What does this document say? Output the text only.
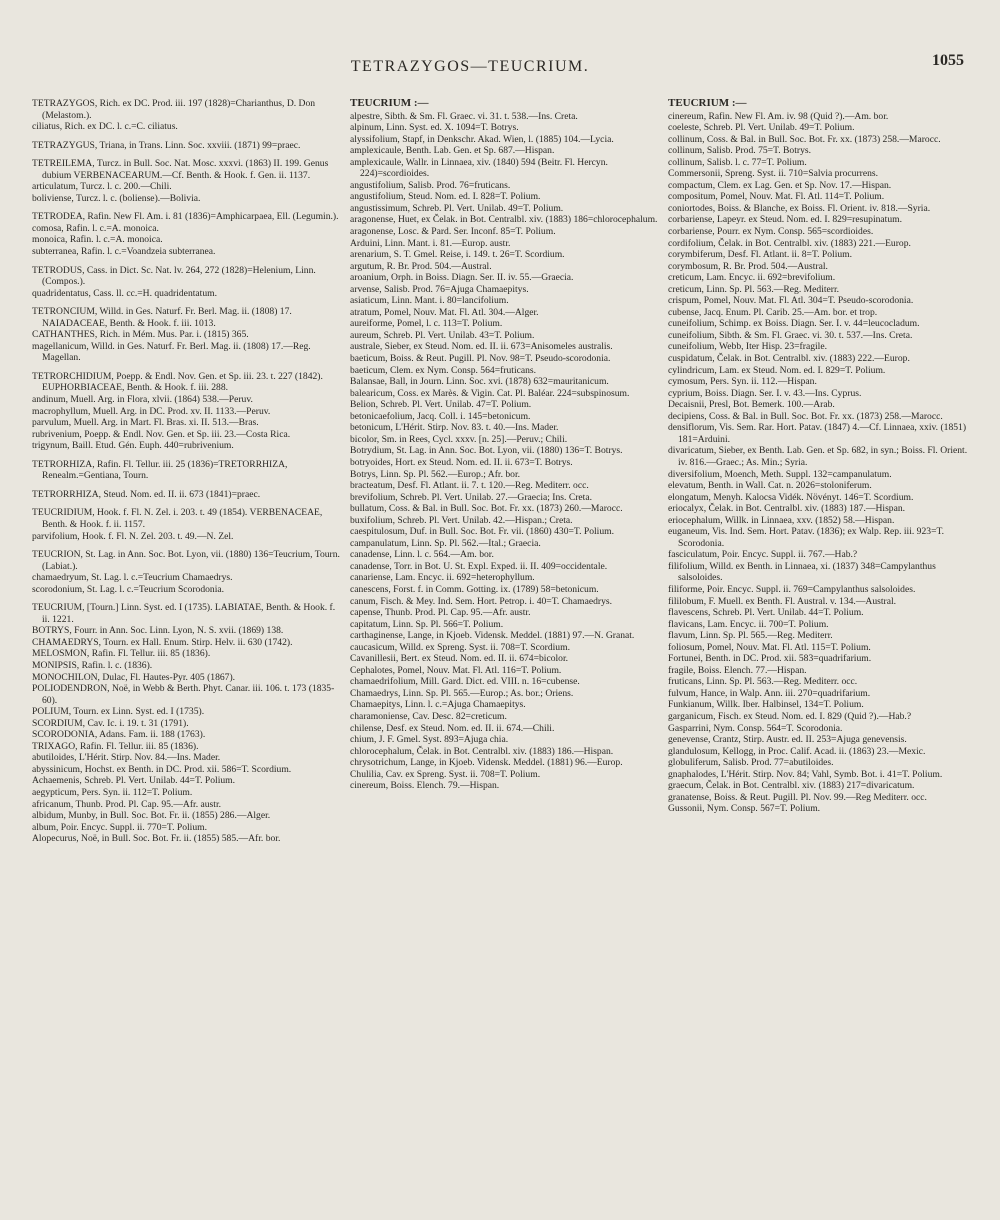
TETRAZYGOS—TEUCRIUM.	1055

TETRAZYGOS, Rich. ex DC. Prod. iii. 197 (1828)=Charianthus, D. Don (Melastom.).

ciliatus, Rich. ex DC. l. c.=C. ciliatus.

TETRAZYGUS, Triana, in Trans. Linn. Soc. xxviii. (1871) 99=praec.

TETREILEMA, Turcz. in Bull. Soc. Nat. Mosc. xxxvi. (1863) II. 199. Genus dubium VERBENACEARUM.—Cf. Benth. & Hook. f. Gen. ii. 1137.

articulatum, Turcz. l. c. 200.—Chili.

boliviense, Turcz. l. c. (boliense).—Bolivia.

TETRODEA, Rafin. New Fl. Am. i. 81 (1836)=Amphicarpaea, Ell. (Legumin.).

comosa, Rafin. l. c.=A. monoica.

monoica, Rafin. l. c.=A. monoica.

subterranea, Rafin. l. c.=Voandzeia subterranea.

TETRODUS, Cass. in Dict. Sc. Nat. lv. 264, 272 (1828)=Helenium, Linn. (Compos.).

quadridentatus, Cass. ll. cc.=H. quadridentatum.

TETRONCIUM, Willd. in Ges. Naturf. Fr. Berl. Mag. ii. (1808) 17. NAIADACEAE, Benth. & Hook. f. iii. 1013.

CATHANTHES, Rich. in Mém. Mus. Par. i. (1815) 365.

magellanicum, Willd. in Ges. Naturf. Fr. Berl. Mag. ii. (1808) 17.—Reg. Magellan.

TETRORCHIDIUM, Poepp. & Endl. Nov. Gen. et Sp. iii. 23. t. 227 (1842). EUPHORBIACEAE, Benth. & Hook. f. iii. 288.

andinum, Muell. Arg. in Flora, xlvii. (1864) 538.—Peruv.

macrophyllum, Muell. Arg. in DC. Prod. xv. II. 1133.—Peruv.

parvulum, Muell. Arg. in Mart. Fl. Bras. xi. II. 513.—Bras.

rubrivenium, Poepp. & Endl. Nov. Gen. et Sp. iii. 23.—Costa Rica.

trigynum, Baill. Etud. Gén. Euph. 440=rubrivenium.

TETRORHIZA, Rafin. Fl. Tellur. iii. 25 (1836)=TRETORRHIZA, Renealm.=Gentiana, Tourn.

TETRORRHIZA, Steud. Nom. ed. II. ii. 673 (1841)=praec.

TEUCRIDIUM, Hook. f. Fl. N. Zel. i. 203. t. 49 (1854). VERBENACEAE, Benth. & Hook. f. ii. 1157.

parvifolium, Hook. f. Fl. N. Zel. 203. t. 49.—N. Zel.

TEUCRION, St. Lag. in Ann. Soc. Bot. Lyon, vii. (1880) 136=Teucrium, Tourn. (Labiat.).

chamaedryum, St. Lag. l. c.=Teucrium Chamaedrys.

scorodonium, St. Lag. l. c.=Teucrium Scorodonia.

TEUCRIUM, [Tourn.] Linn. Syst. ed. I (1735). LABIATAE, Benth. & Hook. f. ii. 1221.

BOTRYS, Fourr. in Ann. Soc. Linn. Lyon, N. S. xvii. (1869) 138.

CHAMAEDRYS, Tourn. ex Hall. Enum. Stirp. Helv. ii. 630 (1742).

MELOSMON, Rafin. Fl. Tellur. iii. 85 (1836).

MONIPSIS, Rafin. l. c. (1836).

MONOCHILON, Dulac, Fl. Hautes-Pyr. 405 (1867).

POLIODENDRON, Noë, in Webb & Berth. Phyt. Canar. iii. 106. t. 173 (1835-60).

POLIUM, Tourn. ex Linn. Syst. ed. I (1735).

SCORDIUM, Cav. Ic. i. 19. t. 31 (1791).

SCORODONIA, Adans. Fam. ii. 188 (1763).

TRIXAGO, Rafin. Fl. Tellur. iii. 85 (1836).

abutiloides, L'Hérit. Stirp. Nov. 84.—Ins. Mader.

abyssinicum, Hochst. ex Benth. in DC. Prod. xii. 586=T. Scordium.

Achaemenis, Schreb. Pl. Vert. Unilab. 44=T. Polium.

aegypticum, Pers. Syn. ii. 112=T. Polium.

africanum, Thunb. Prod. Pl. Cap. 95.—Afr. austr.

albidum, Munby, in Bull. Soc. Bot. Fr. ii. (1855) 286.—Alger.

album, Poir. Encyc. Suppl. ii. 770=T. Polium.

Alopecurus, Noë, in Bull. Soc. Bot. Fr. ii. (1855) 585.—Afr. bor.

TEUCRIUM :—

alpestre, Sibth. & Sm. Fl. Graec. vi. 31. t. 538.—Ins. Creta.

alpinum, Linn. Syst. ed. X. 1094=T. Botrys.

alyssifolium, Stapf, in Denkschr. Akad. Wien, l. (1885) 104.—Lycia.

amplexicaule, Benth. Lab. Gen. et Sp. 687.—Hispan.

amplexicaule, Wallr. in Linnaea, xiv. (1840) 594 (Beitr. Fl. Hercyn. 224)=scordioides.

angustifolium, Salisb. Prod. 76=fruticans.

angustifolium, Steud. Nom. ed. I. 828=T. Polium.

angustissimum, Schreb. Pl. Vert. Unilab. 49=T. Polium.

aragonense, Huet, ex Čelak. in Bot. Centralbl. xiv. (1883) 186=chlorocephalum.

aragonense, Losc. & Pard. Ser. Inconf. 85=T. Polium.

Arduini, Linn. Mant. i. 81.—Europ. austr.

arenarium, S. T. Gmel. Reise, i. 149. t. 26=T. Scordium.

argutum, R. Br. Prod. 504.—Austral.

aroanium, Orph. in Boiss. Diagn. Ser. II. iv. 55.—Graecia.

arvense, Salisb. Prod. 76=Ajuga Chamaepitys.

asiaticum, Linn. Mant. i. 80=lancifolium.

atratum, Pomel, Nouv. Mat. Fl. Atl. 304.—Alger.

aureiforme, Pomel, l. c. 113=T. Polium.

aureum, Schreb. Pl. Vert. Unilab. 43=T. Polium.

australe, Sieber, ex Steud. Nom. ed. II. ii. 673=Anisomeles australis.

baeticum, Boiss. & Reut. Pugill. Pl. Nov. 98=T. Pseudo-scorodonia.

baeticum, Clem. ex Nym. Consp. 564=fruticans.

Balansae, Ball, in Journ. Linn. Soc. xvi. (1878) 632=mauritanicum.

balearicum, Coss. ex Marès. & Vigin. Cat. Pl. Baléar. 224=subspinosum.

Belion, Schreb. Pl. Vert. Unilab. 47=T. Polium.

betonicaefolium, Jacq. Coll. i. 145=betonicum.

betonicum, L'Hérit. Stirp. Nov. 83. t. 40.—Ins. Mader.

bicolor, Sm. in Rees, Cycl. xxxv. [n. 25].—Peruv.; Chili.

Botrydium, St. Lag. in Ann. Soc. Bot. Lyon, vii. (1880) 136=T. Botrys.

botryoides, Hort. ex Steud. Nom. ed. II. ii. 673=T. Botrys.

Botrys, Linn. Sp. Pl. 562.—Europ.; Afr. bor.

bracteatum, Desf. Fl. Atlant. ii. 7. t. 120.—Reg. Mediterr. occ.

brevifolium, Schreb. Pl. Vert. Unilab. 27.—Graecia; Ins. Creta.

bullatum, Coss. & Bal. in Bull. Soc. Bot. Fr. xx. (1873) 260.—Marocc.

buxifolium, Schreb. Pl. Vert. Unilab. 42.—Hispan.; Creta.

caespitulosum, Duf. in Bull. Soc. Bot. Fr. vii. (1860) 430=T. Polium.

campanulatum, Linn. Sp. Pl. 562.—Ital.; Graecia.

canadense, Linn. l. c. 564.—Am. bor.

canadense, Torr. in Bot. U. St. Expl. Exped. ii. II. 409=occidentale.

canariense, Lam. Encyc. ii. 692=heterophyllum.

canescens, Forst. f. in Comm. Gotting. ix. (1789) 58=betonicum.

canum, Fisch. & Mey. Ind. Sem. Hort. Petrop. i. 40=T. Chamaedrys.

capense, Thunb. Prod. Pl. Cap. 95.—Afr. austr.

capitatum, Linn. Sp. Pl. 566=T. Polium.

carthaginense, Lange, in Kjoeb. Vidensk. Meddel. (1881) 97.—N. Granat.

caucasicum, Willd. ex Spreng. Syst. ii. 708=T. Scordium.

Cavanillesii, Bert. ex Steud. Nom. ed. II. ii. 674=bicolor.

Cephalotes, Pomel, Nouv. Mat. Fl. Atl. 116=T. Polium.

chamaedrifolium, Mill. Gard. Dict. ed. VIII. n. 16=cubense.

Chamaedrys, Linn. Sp. Pl. 565.—Europ.; As. bor.; Oriens.

Chamaepitys, Linn. l. c.=Ajuga Chamaepitys.

charamoniense, Cav. Desc. 82=creticum.

chilense, Desf. ex Steud. Nom. ed. II. ii. 674.—Chili.

chium, J. F. Gmel. Syst. 893=Ajuga chia.

chlorocephalum, Čelak. in Bot. Centralbl. xiv. (1883) 186.—Hispan.

chrysotrichum, Lange, in Kjoeb. Vidensk. Meddel. (1881) 96.—Europ.

Chulilia, Cav. ex Spreng. Syst. ii. 708=T. Polium.

cinereum, Boiss. Elench. 79.—Hispan.

TEUCRIUM :—

cinereum, Rafin. New Fl. Am. iv. 98 (Quid ?).—Am. bor.

coeleste, Schreb. Pl. Vert. Unilab. 49=T. Polium.

collinum, Coss. & Bal. in Bull. Soc. Bot. Fr. xx. (1873) 258.—Marocc.

collinum, Salisb. Prod. 75=T. Botrys.

collinum, Salisb. l. c. 77=T. Polium.

Commersonii, Spreng. Syst. ii. 710=Salvia procurrens.

compactum, Clem. ex Lag. Gen. et Sp. Nov. 17.—Hispan.

compositum, Pomel, Nouv. Mat. Fl. Atl. 114=T. Polium.

coniortodes, Boiss. & Blanche, ex Boiss. Fl. Orient. iv. 818.—Syria.

corbariense, Lapeyr. ex Steud. Nom. ed. I. 829=resupinatum.

corbariense, Pourr. ex Nym. Consp. 565=scordioides.

cordifolium, Čelak. in Bot. Centralbl. xiv. (1883) 221.—Europ.

corymbiferum, Desf. Fl. Atlant. ii. 8=T. Polium.

corymbosum, R. Br. Prod. 504.—Austral.

creticum, Lam. Encyc. ii. 692=brevifolium.

creticum, Linn. Sp. Pl. 563.—Reg. Mediterr.

crispum, Pomel, Nouv. Mat. Fl. Atl. 304=T. Pseudo-scorodonia.

cubense, Jacq. Enum. Pl. Carib. 25.—Am. bor. et trop.

cuneifolium, Schimp. ex Boiss. Diagn. Ser. I. v. 44=leucocladum.

cuneifolium, Sibth. & Sm. Fl. Graec. vi. 30. t. 537.—Ins. Creta.

cuneifolium, Webb, Iter Hisp. 23=fragile.

cuspidatum, Čelak. in Bot. Centralbl. xiv. (1883) 222.—Europ.

cylindricum, Lam. ex Steud. Nom. ed. I. 829=T. Polium.

cymosum, Pers. Syn. ii. 112.—Hispan.

cyprium, Boiss. Diagn. Ser. I. v. 43.—Ins. Cyprus.

Decaisnii, Presl, Bot. Bemerk. 100.—Arab.

decipiens, Coss. & Bal. in Bull. Soc. Bot. Fr. xx. (1873) 258.—Marocc.

densiflorum, Vis. Sem. Rar. Hort. Patav. (1847) 4.—Cf. Linnaea, xxiv. (1851) 181=Arduini.

divaricatum, Sieber, ex Benth. Lab. Gen. et Sp. 682, in syn.; Boiss. Fl. Orient. iv. 816.—Graec.; As. Min.; Syria.

diversifolium, Moench, Meth. Suppl. 132=campanulatum.

elevatum, Benth. in Wall. Cat. n. 2026=stoloniferum.

elongatum, Menyh. Kalocsa Vidék. Növényt. 146=T. Scordium.

eriocalyx, Čelak. in Bot. Centralbl. xiv. (1883) 187.—Hispan.

eriocephalum, Willk. in Linnaea, xxv. (1852) 58.—Hispan.

euganeum, Vis. Ind. Sem. Hort. Patav. (1836); ex Walp. Rep. iii. 923=T. Scorodonia.

fasciculatum, Poir. Encyc. Suppl. ii. 767.—Hab.?

filifolium, Willd. ex Benth. in Linnaea, xi. (1837) 348=Campylanthus salsoloides.

filiforme, Poir. Encyc. Suppl. ii. 769=Campylanthus salsoloides.

fililobum, F. Muell. ex Benth. Fl. Austral. v. 134.—Austral.

flavescens, Schreb. Pl. Vert. Unilab. 44=T. Polium.

flavicans, Lam. Encyc. ii. 700=T. Polium.

flavum, Linn. Sp. Pl. 565.—Reg. Mediterr.

foliosum, Pomel, Nouv. Mat. Fl. Atl. 115=T. Polium.

Fortunei, Benth. in DC. Prod. xii. 583=quadrifarium.

fragile, Boiss. Elench. 77.—Hispan.

fruticans, Linn. Sp. Pl. 563.—Reg. Mediterr. occ.

fulvum, Hance, in Walp. Ann. iii. 270=quadrifarium.

Funkianum, Willk. Iber. Halbinsel, 134=T. Polium.

garganicum, Fisch. ex Steud. Nom. ed. I. 829 (Quid ?).—Hab.?

Gasparrini, Nym. Consp. 564=T. Scorodonia.

genevense, Crantz, Stirp. Austr. ed. II. 253=Ajuga genevensis.

glandulosum, Kellogg, in Proc. Calif. Acad. ii. (1863) 23.—Mexic.

globuliferum, Salisb. Prod. 77=abutiloides.

gnaphalodes, L'Hérit. Stirp. Nov. 84; Vahl, Symb. Bot. i. 41=T. Polium.

graecum, Čelak. in Bot. Centralbl. xiv. (1883) 217=divaricatum.

granatense, Boiss. & Reut. Pugill. Pl. Nov. 99.—Reg Mediterr. occ.

Gussonii, Nym. Consp. 567=T. Polium.
